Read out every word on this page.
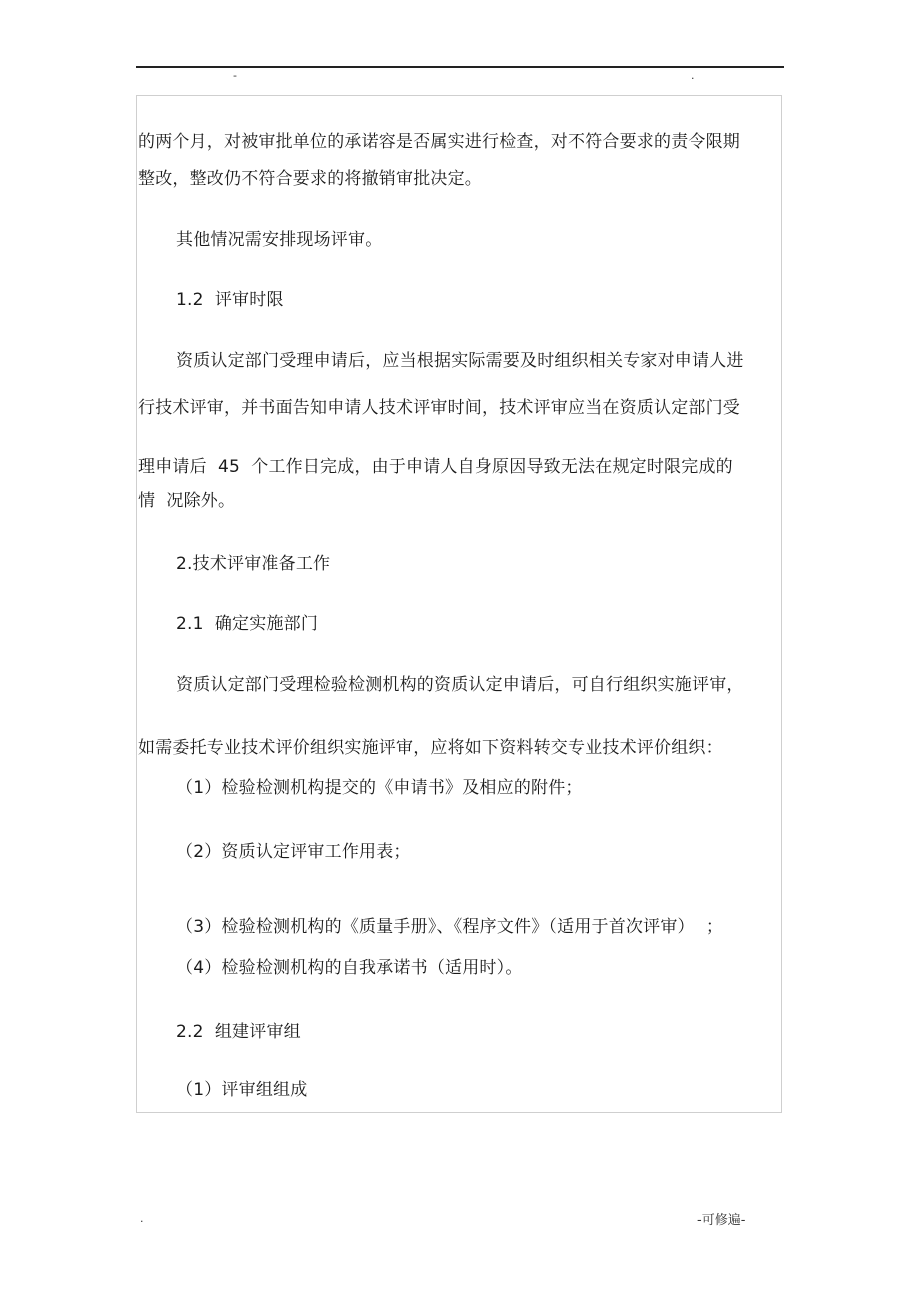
-	.
的两个月，对被审批单位的承诺容是否属实进行检查，对不符合要求的责令限期
整改，整改仍不符合要求的将撤销审批决定。
其他情况需安排现场评审。
1.2  评审时限
资质认定部门受理申请后，应当根据实际需要及时组织相关专家对申请人进
行技术评审，并书面告知申请人技术评审时间，技术评审应当在资质认定部门受
理申请后  45  个工作日完成，由于申请人自身原因导致无法在规定时限完成的
情  况除外。
2.技术评审准备工作
2.1  确定实施部门
资质认定部门受理检验检测机构的资质认定申请后，可自行组织实施评审，
如需委托专业技术评价组织实施评审，应将如下资料转交专业技术评价组织：
（1）检验检测机构提交的《申请书》及相应的附件；
（2）资质认定评审工作用表；
（3）检验检测机构的《质量手册》、《程序文件》（适用于首次评审）  ；
（4）检验检测机构的自我承诺书（适用时）。
2.2  组建评审组
（1）评审组组成
.	-可修遍-
